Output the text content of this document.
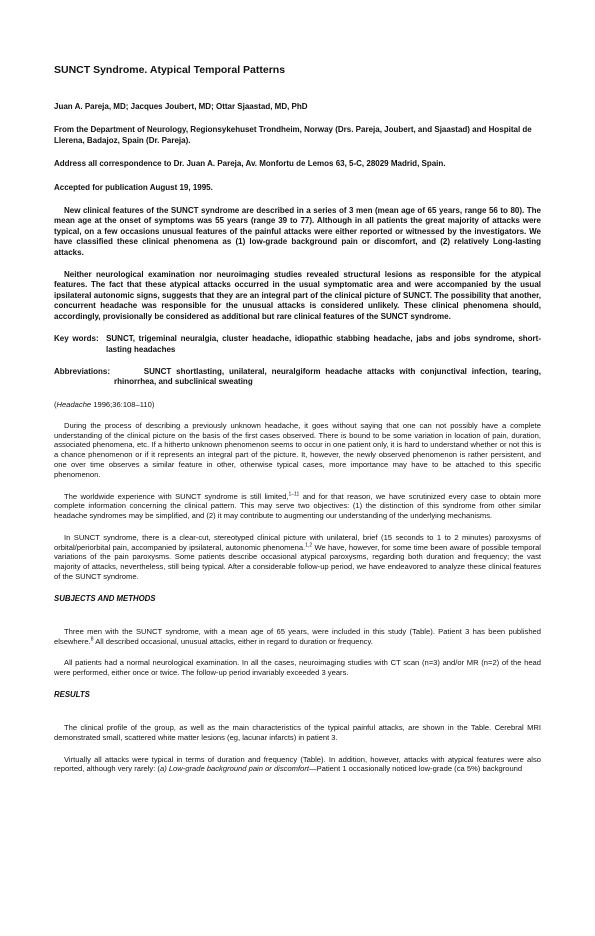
SUNCT Syndrome. Atypical Temporal Patterns

Juan A. Pareja, MD; Jacques Joubert, MD; Ottar Sjaastad, MD, PhD

From the Department of Neurology, Regionsykehuset Trondheim, Norway (Drs. Pareja, Joubert, and Sjaastad) and Hospital de Llerena, Badajoz, Spain (Dr. Pareja).

Address all correspondence to Dr. Juan A. Pareja, Av. Monfortu de Lemos 63, 5-C, 28029 Madrid, Spain.

Accepted for publication August 19, 1995.

New clinical features of the SUNCT syndrome are described in a series of 3 men (mean age of 65 years, range 56 to 80). The mean age at the onset of symptoms was 55 years (range 39 to 77). Although in all patients the great majority of attacks were typical, on a few occasions unusual features of the painful attacks were either reported or witnessed by the investigators. We have classified these clinical phenomena as (1) low-grade background pain or discomfort, and (2) relatively Long-lasting attacks.

Neither neurological examination nor neuroimaging studies revealed structural lesions as responsible for the atypical features. The fact that these atypical attacks occurred in the usual symptomatic area and were accompanied by the usual ipsilateral autonomic signs, suggests that they are an integral part of the clinical picture of SUNCT. The possibility that another, concurrent headache was responsible for the unusual attacks is considered unlikely. These clinical phenomena should, accordingly, provisionally be considered as additional but rare clinical features of the SUNCT syndrome.

Key words: SUNCT, trigeminal neuralgia, cluster headache, idiopathic stabbing headache, jabs and jobs syndrome, short-lasting headaches

Abbreviations:	SUNCT shortlasting, unilateral, neuralgiform headache attacks with conjunctival infection, tearing, rhinorrhea, and subclinical sweating

(Headache 1996;36:108–110)

During the process of describing a previously unknown headache, it goes without saying that one can not possibly have a complete understanding of the clinical picture on the basis of the first cases observed. There is bound to be some variation in location of pain, duration, associated phenomena, etc. If a hitherto unknown phenomenon seems to occur in one patient only, it is hard to understand whether or not this is a chance phenomenon or if it represents an integral part of the picture. It, however, the newly observed phenomenon is rather persistent, and one over time observes a similar feature in other, otherwise typical cases, more importance may have to be attached to this specific phenomenon.

The worldwide experience with SUNCT syndrome is still limited,$^{1-11}$ and for that reason, we have scrutinized every case to obtain more complete information concerning the clinical pattern. This may serve two objectives: (1) the distinction of this syndrome from other similar headache syndromes may be simplified, and (2) it may contribute to augmenting our understanding of the underlying mechanisms.

In SUNCT syndrome, there is a clear-cut, stereotyped clinical picture with unilateral, brief (15 seconds to 1 to 2 minutes) paroxysms of orbital/periorbital pain, accompanied by ipsilateral, autonomic phenomena.$^{1,2}$ We have, however, for some time been aware of possible temporal variations of the pain paroxysms. Some patients describe occasional atypical paroxysms, regarding both duration and frequency; the vast majority of attacks, nevertheless, still being typical. After a considerable follow-up period, we have endeavored to analyze these clinical features of the SUNCT syndrome.

SUBJECTS AND METHODS

Three men with the SUNCT syndrome, with a mean age of 65 years, were included in this study (Table). Patient 3 has been published elsewhere.$^8$ All described occasional, unusual attacks, either in regard to duration or frequency.

All patients had a normal neurological examination. In all the cases, neuroimaging studies with CT scan (n=3) and/or MR (n=2) of the head were performed, either once or twice. The follow-up period invariably exceeded 3 years.

RESULTS

The clinical profile of the group, as well as the main characteristics of the typical painful attacks, are shown in the Table. Cerebral MRI demonstrated small, scattered white matter lesions (eg, lacunar infarcts) in patient 3.

Virtually all attacks were typical in terms of duration and frequency (Table). In addition, however, attacks with atypical features were also reported, although very rarely: (a) Low-grade background pain or discomfort—Patient 1 occasionally noticed low-grade (ca 5%) background
